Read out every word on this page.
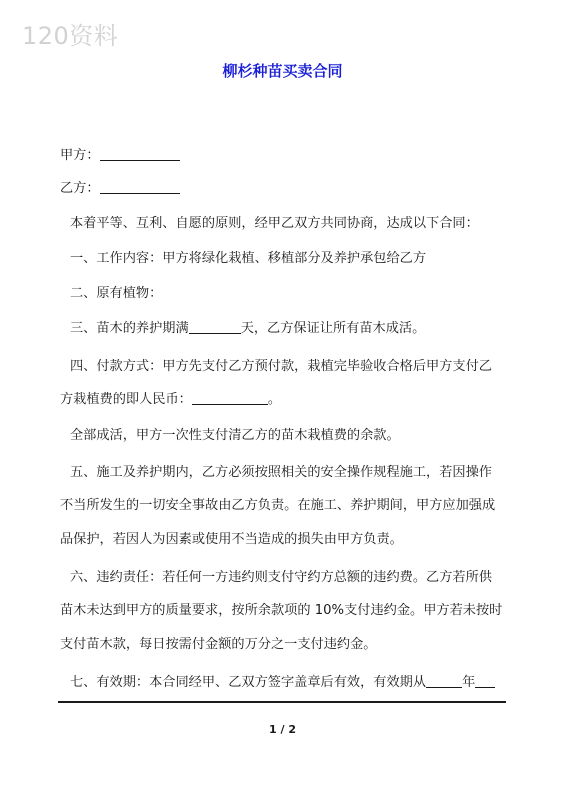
120资料
柳杉种苗买卖合同
甲方：
乙方：
本着平等、互利、自愿的原则，经甲乙双方共同协商，达成以下合同：
一、工作内容：甲方将绿化栽植、移植部分及养护承包给乙方
二、原有植物：
三、苗木的养护期满	天，乙方保证让所有苗木成活。
四、付款方式：甲方先支付乙方预付款，栽植完毕验收合格后甲方支付乙
方栽植费的即人民币：	。
全部成活，甲方一次性支付清乙方的苗木栽植费的余款。
五、施工及养护期内，乙方必须按照相关的安全操作规程施工，若因操作
不当所发生的一切安全事故由乙方负责。在施工、养护期间，甲方应加强成
品保护，若因人为因素或使用不当造成的损失由甲方负责。
六、违约责任：若任何一方违约则支付守约方总额的违约费。乙方若所供
苗木未达到甲方的质量要求，按所余款项的 10%支付违约金。甲方若未按时
支付苗木款，每日按需付金额的万分之一支付违约金。
七、有效期：本合同经甲、乙双方签字盖章后有效，有效期从	年
1 / 2
